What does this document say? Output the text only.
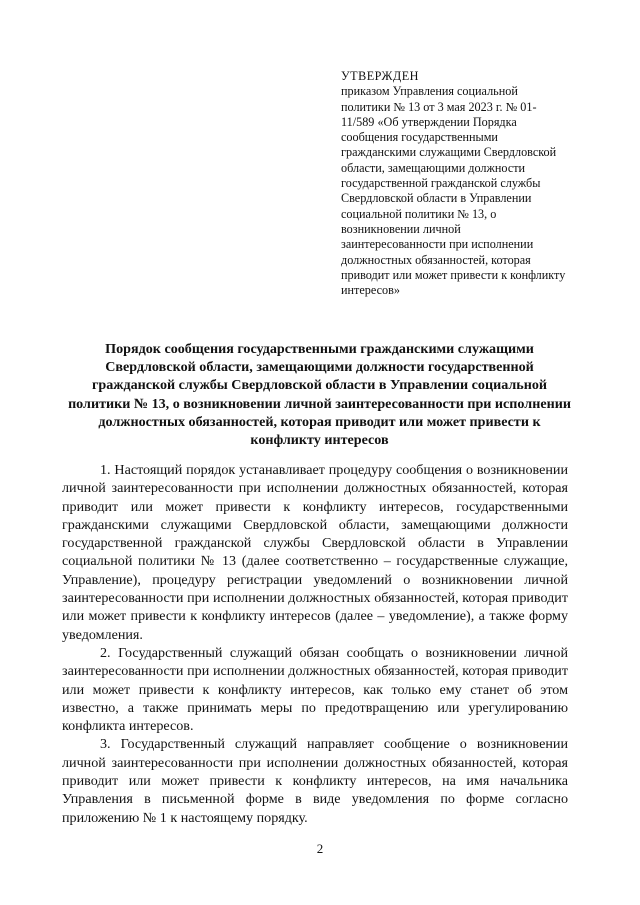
УТВЕРЖДЕН
приказом Управления социальной политики № 13 от 3 мая 2023 г. № 01-11/589 «Об утверждении Порядка сообщения государственными гражданскими служащими Свердловской области, замещающими должности государственной гражданской службы Свердловской области в Управлении социальной политики № 13, о возникновении личной заинтересованности при исполнении должностных обязанностей, которая приводит или может привести к конфликту интересов»
Порядок сообщения государственными гражданскими служащими Свердловской области, замещающими должности государственной гражданской службы Свердловской области в Управлении социальной политики № 13, о возникновении личной заинтересованности при исполнении должностных обязанностей, которая приводит или может привести к конфликту интересов

1. Настоящий порядок устанавливает процедуру сообщения о возникновении личной заинтересованности при исполнении должностных обязанностей, которая приводит или может привести к конфликту интересов, государственными гражданскими служащими Свердловской области, замещающими должности государственной гражданской службы Свердловской области в Управлении социальной политики № 13 (далее соответственно – государственные служащие, Управление), процедуру регистрации уведомлений о возникновении личной заинтересованности при исполнении должностных обязанностей, которая приводит или может привести к конфликту интересов (далее – уведомление), а также форму уведомления.

2. Государственный служащий обязан сообщать о возникновении личной заинтересованности при исполнении должностных обязанностей, которая приводит или может привести к конфликту интересов, как только ему станет об этом известно, а также принимать меры по предотвращению или урегулированию конфликта интересов.

3. Государственный служащий направляет сообщение о возникновении личной заинтересованности при исполнении должностных обязанностей, которая приводит или может привести к конфликту интересов, на имя начальника Управления в письменной форме в виде уведомления по форме согласно приложению № 1 к настоящему порядку.

2
